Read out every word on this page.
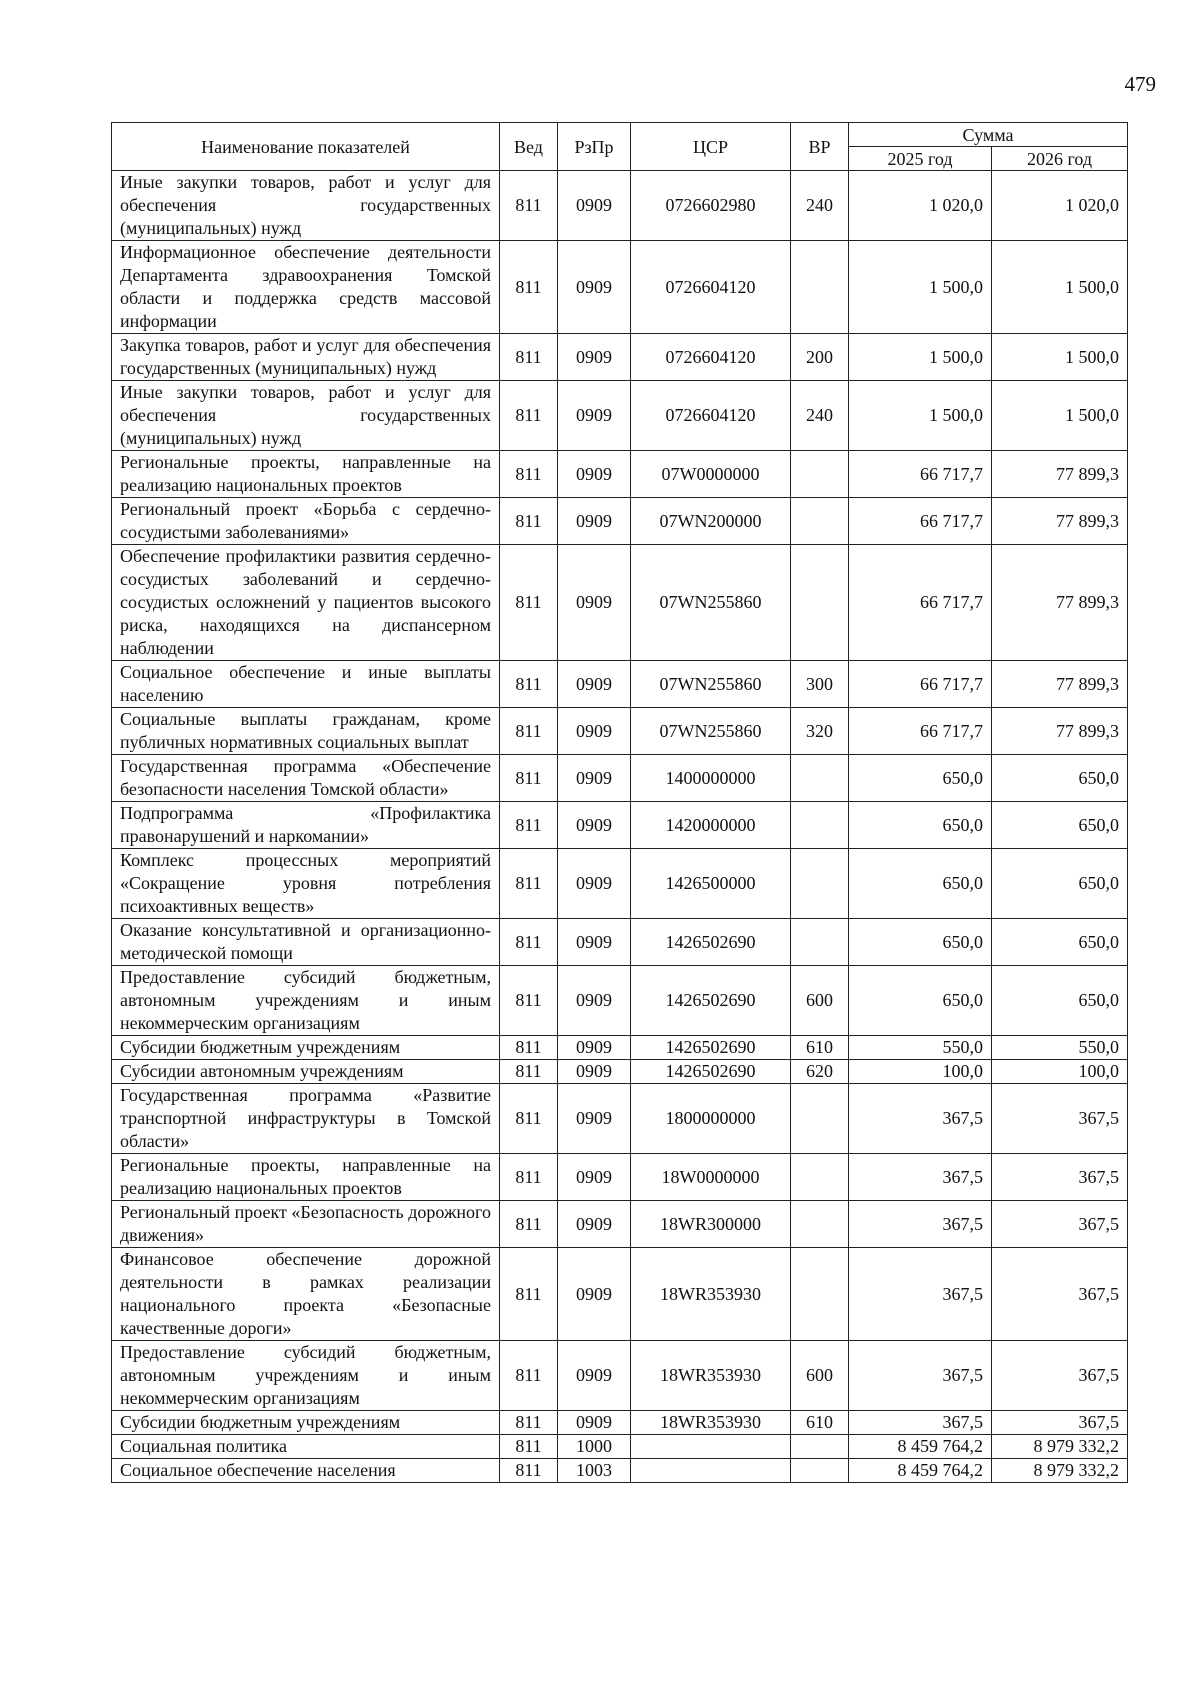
479
Наименование показателей	Вед	РзПр	ЦСР	ВР	Сумма	
					2025 год	2026 год
Иные закупки товаров, работ и услуг для обеспечения государственных (муниципальных) нужд	811	0909	0726602980	240	1 020,0	1 020,0
Информационное обеспечение деятельности Департамента здравоохранения Томской области и поддержка средств массовой информации	811	0909	0726604120		1 500,0	1 500,0
Закупка товаров, работ и услуг для обеспечения государственных (муниципальных) нужд	811	0909	0726604120	200	1 500,0	1 500,0
Иные закупки товаров, работ и услуг для обеспечения государственных (муниципальных) нужд	811	0909	0726604120	240	1 500,0	1 500,0
Региональные проекты, направленные на реализацию национальных проектов	811	0909	07W0000000		66 717,7	77 899,3
Региональный проект «Борьба с сердечно-сосудистыми заболеваниями»	811	0909	07WN200000		66 717,7	77 899,3
Обеспечение профилактики развития сердечно-сосудистых заболеваний и сердечно-сосудистых осложнений у пациентов высокого риска, находящихся на диспансерном наблюдении	811	0909	07WN255860		66 717,7	77 899,3
Социальное обеспечение и иные выплаты населению	811	0909	07WN255860	300	66 717,7	77 899,3
Социальные выплаты гражданам, кроме публичных нормативных социальных выплат	811	0909	07WN255860	320	66 717,7	77 899,3
Государственная программа «Обеспечение безопасности населения Томской области»	811	0909	1400000000		650,0	650,0
Подпрограмма «Профилактика правонарушений и наркомании»	811	0909	1420000000		650,0	650,0
Комплекс процессных мероприятий «Сокращение уровня потребления психоактивных веществ»	811	0909	1426500000		650,0	650,0
Оказание консультативной и организационно-методической помощи	811	0909	1426502690		650,0	650,0
Предоставление субсидий бюджетным, автономным учреждениям и иным некоммерческим организациям	811	0909	1426502690	600	650,0	650,0
Субсидии бюджетным учреждениям	811	0909	1426502690	610	550,0	550,0
Субсидии автономным учреждениям	811	0909	1426502690	620	100,0	100,0
Государственная программа «Развитие транспортной инфраструктуры в Томской области»	811	0909	1800000000		367,5	367,5
Региональные проекты, направленные на реализацию национальных проектов	811	0909	18W0000000		367,5	367,5
Региональный проект «Безопасность дорожного движения»	811	0909	18WR300000		367,5	367,5
Финансовое обеспечение дорожной деятельности в рамках реализации национального проекта «Безопасные качественные дороги»	811	0909	18WR353930		367,5	367,5
Предоставление субсидий бюджетным, автономным учреждениям и иным некоммерческим организациям	811	0909	18WR353930	600	367,5	367,5
Субсидии бюджетным учреждениям	811	0909	18WR353930	610	367,5	367,5
Социальная политика	811	1000			8 459 764,2	8 979 332,2
Социальное обеспечение населения	811	1003			8 459 764,2	8 979 332,2
